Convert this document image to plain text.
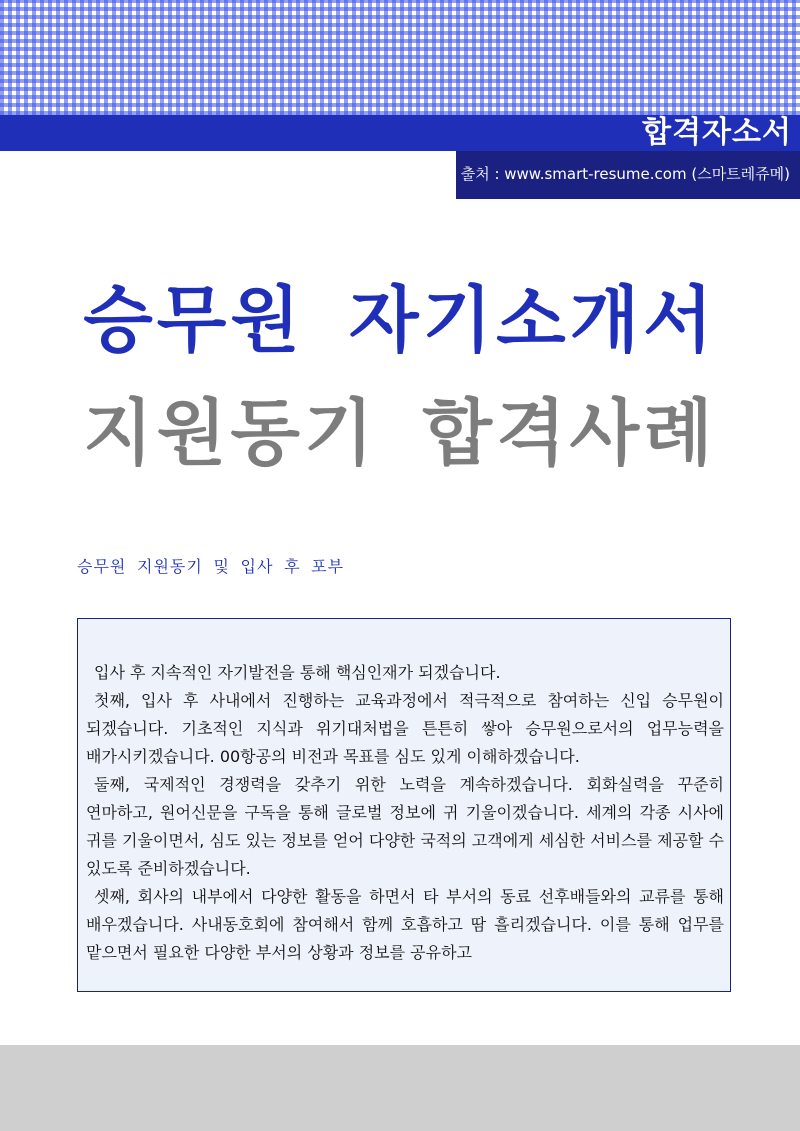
합격자소서
출처 : www.smart-resume.com (스마트레쥬메)
승무원 자기소개서
지원동기 합격사례
승무원 지원동기 및 입사 후 포부

입사 후 지속적인 자기발전을 통해 핵심인재가 되겠습니다.

첫째, 입사 후 사내에서 진행하는 교육과정에서 적극적으로 참여하는 신입 승무원이 되겠습니다. 기초적인 지식과 위기대처법을 튼튼히 쌓아 승무원으로서의 업무능력을 배가시키겠습니다. 00항공의 비전과 목표를 심도 있게 이해하겠습니다.

둘째, 국제적인 경쟁력을 갖추기 위한 노력을 계속하겠습니다. 회화실력을 꾸준히 연마하고, 원어신문을 구독을 통해 글로벌 정보에 귀 기울이겠습니다. 세계의 각종 시사에 귀를 기울이면서, 심도 있는 정보를 얻어 다양한 국적의 고객에게 세심한 서비스를 제공할 수 있도록 준비하겠습니다.

셋째, 회사의 내부에서 다양한 활동을 하면서 타 부서의 동료 선후배들와의 교류를 통해 배우겠습니다. 사내동호회에 참여해서 함께 호흡하고 땀 흘리겠습니다. 이를 통해 업무를 맡으면서 필요한 다양한 부서의 상황과 정보를 공유하고
